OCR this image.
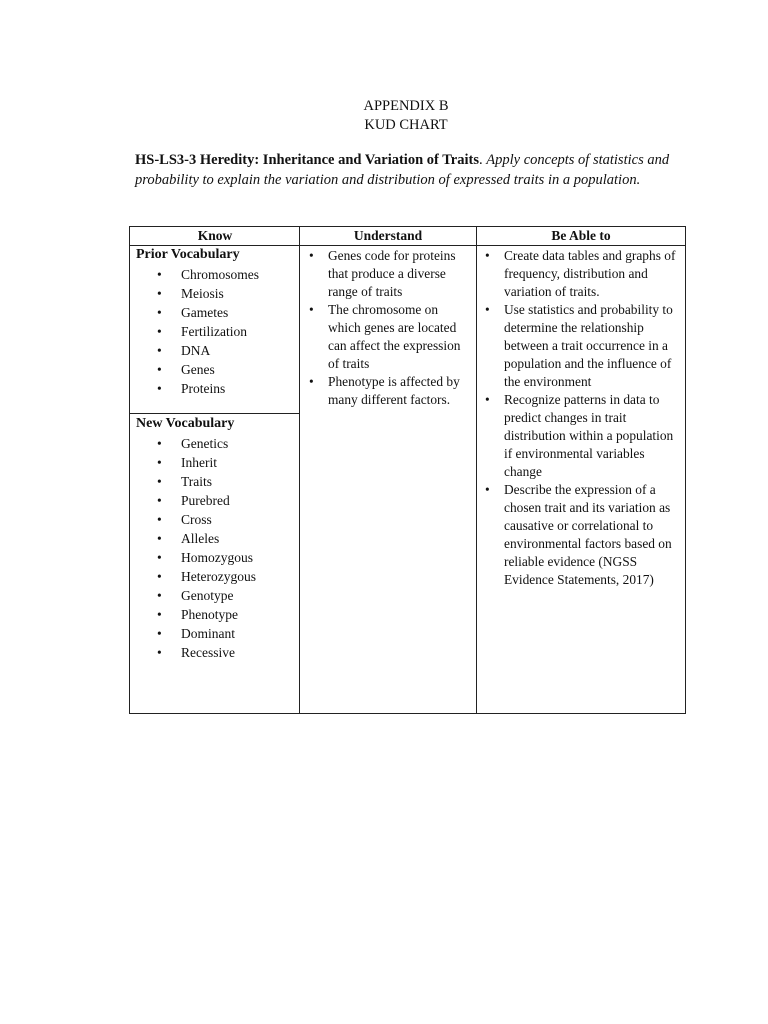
APPENDIX B
KUD CHART
HS-LS3-3 Heredity: Inheritance and Variation of Traits. Apply concepts of statistics and probability to explain the variation and distribution of expressed traits in a population.
Know	Understand	Be Able to
Prior Vocabulary
• Chromosomes
• Meiosis
• Gametes
• Fertilization
• DNA
• Genes
• Proteins
New Vocabulary
• Genetics
• Inherit
• Traits
• Purebred
• Cross
• Alleles
• Homozygous
• Heterozygous
• Genotype
• Phenotype
• Dominant
• Recessive
• Genes code for proteins that produce a diverse range of traits
• The chromosome on which genes are located can affect the expression of traits
• Phenotype is affected by many different factors.
• Create data tables and graphs of frequency, distribution and variation of traits.
• Use statistics and probability to determine the relationship between a trait occurrence in a population and the influence of the environment
• Recognize patterns in data to predict changes in trait distribution within a population if environmental variables change
• Describe the expression of a chosen trait and its variation as causative or correlational to environmental factors based on reliable evidence (NGSS Evidence Statements, 2017)
